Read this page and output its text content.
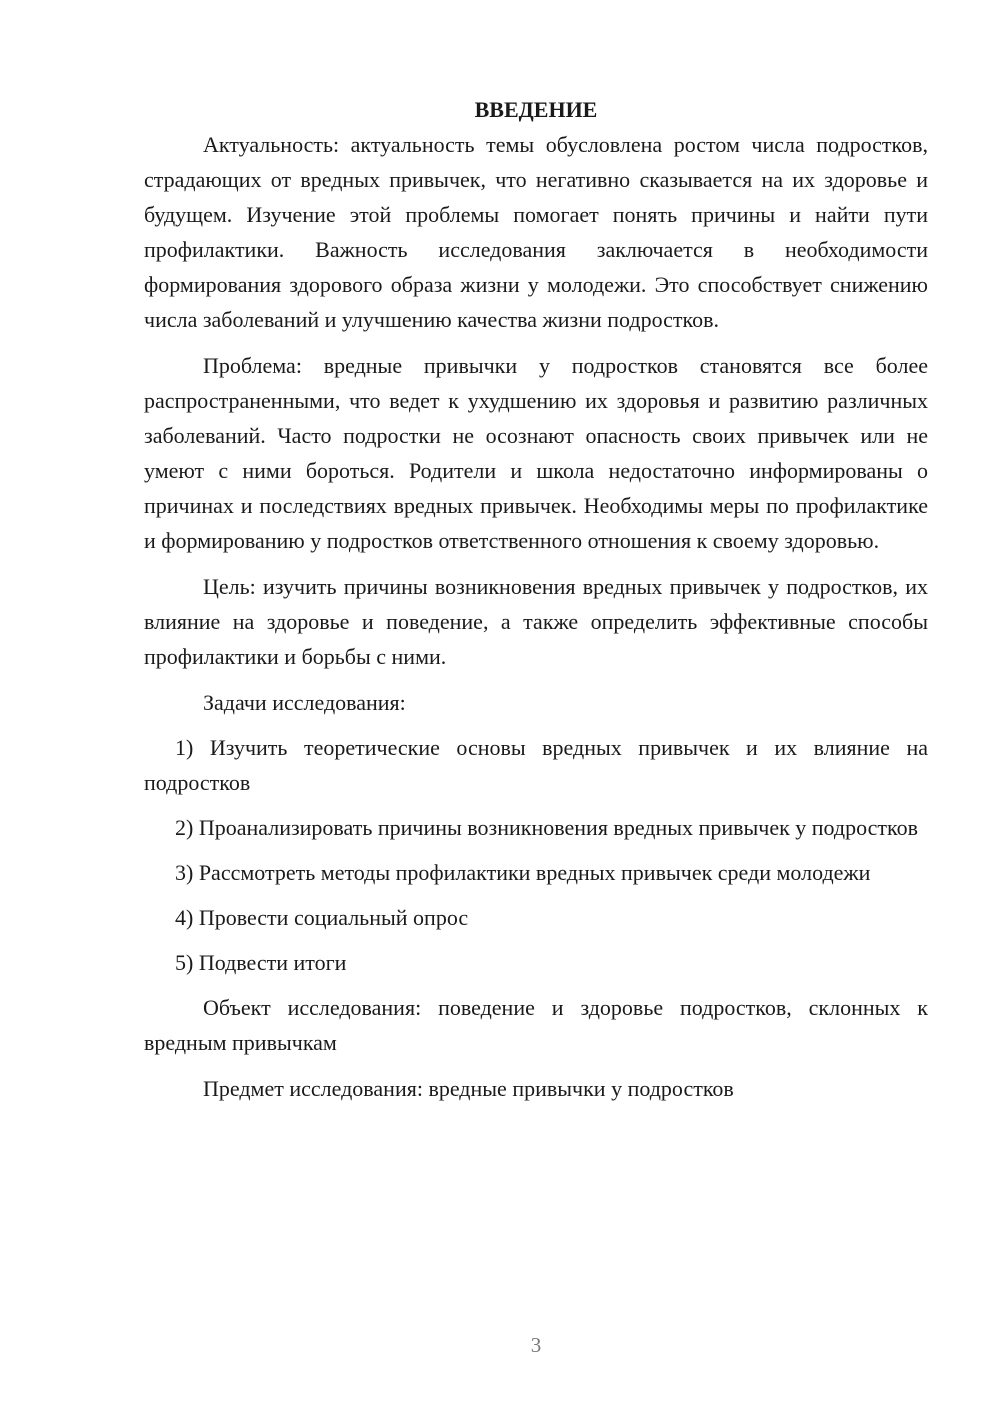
ВВЕДЕНИЕ

Актуальность: актуальность темы обусловлена ростом числа подростков, страдающих от вредных привычек, что негативно сказывается на их здоровье и будущем. Изучение этой проблемы помогает понять причины и найти пути профилактики. Важность исследования заключается в необходимости формирования здорового образа жизни у молодежи. Это способствует снижению числа заболеваний и улучшению качества жизни подростков.

Проблема: вредные привычки у подростков становятся все более распространенными, что ведет к ухудшению их здоровья и развитию различных заболеваний. Часто подростки не осознают опасность своих привычек или не умеют с ними бороться. Родители и школа недостаточно информированы о причинах и последствиях вредных привычек. Необходимы меры по профилактике и формированию у подростков ответственного отношения к своему здоровью.

Цель: изучить причины возникновения вредных привычек у подростков, их влияние на здоровье и поведение, а также определить эффективные способы профилактики и борьбы с ними.

Задачи исследования:

1) Изучить теоретические основы вредных привычек и их влияние на подростков

2) Проанализировать причины возникновения вредных привычек у подростков

3) Рассмотреть методы профилактики вредных привычек среди молодежи

4) Провести социальный опрос

5) Подвести итоги

Объект исследования: поведение и здоровье подростков, склонных к вредным привычкам

Предмет исследования: вредные привычки у подростков

3
